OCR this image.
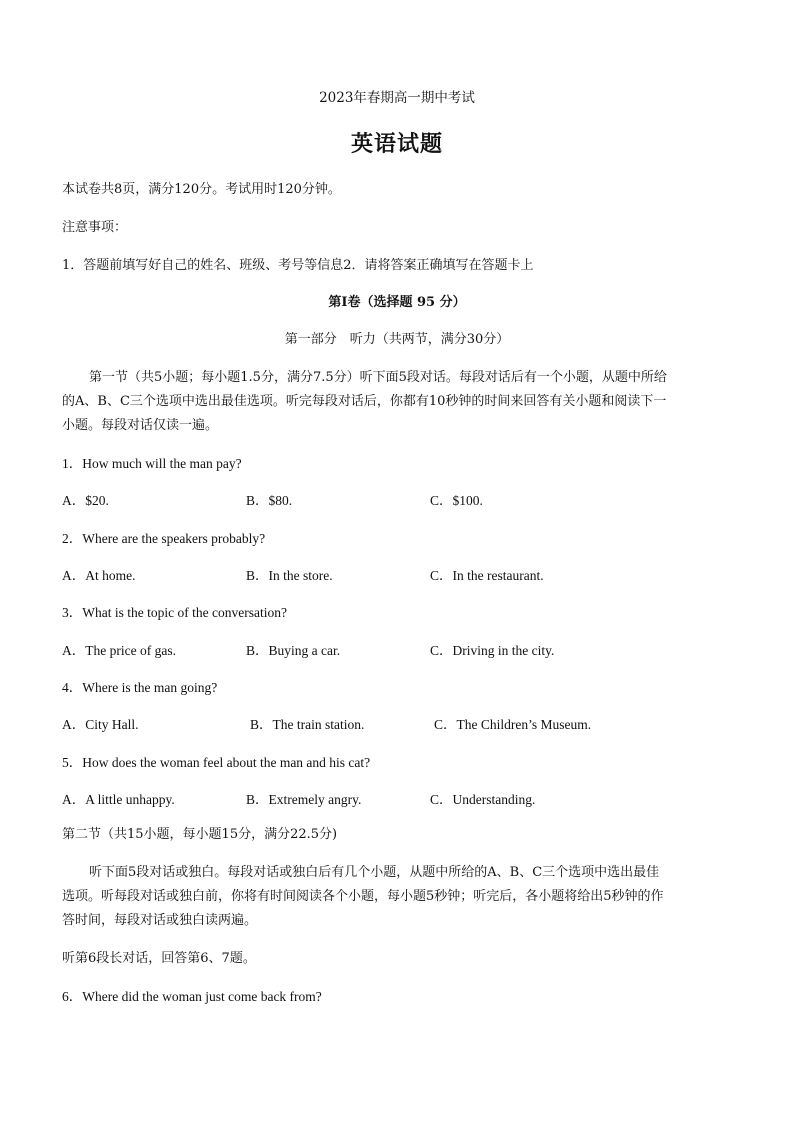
2023年春期高一期中考试
英语试题
本试卷共8页，满分120分。考试用时120分钟。
注意事项：
1．答题前填写好自己的姓名、班级、考号等信息2．请将答案正确填写在答题卡上
第I卷（选择题 95 分）
第一部分　听力（共两节，满分30分）
第一节（共5小题；每小题1.5分，满分7.5分）听下面5段对话。每段对话后有一个小题，从题中所给
的A、B、C三个选项中选出最佳选项。听完每段对话后，你都有10秒钟的时间来回答有关小题和阅读下一
小题。每段对话仅读一遍。
1．How much will the man pay?
A．$20.	B．$80.	C．$100.
2．Where are the speakers probably?
A．At home.	B．In the store.	C．In the restaurant.
3．What is the topic of the conversation?
A．The price of gas.	B．Buying a car.	C．Driving in the city.
4．Where is the man going?
A．City Hall.	B．The train station.	C．The Children’s Museum.
5．How does the woman feel about the man and his cat?
A．A little unhappy.	B．Extremely angry.	C．Understanding.
第二节（共15小题，每小题15分，满分22.5分)
听下面5段对话或独白。每段对话或独白后有几个小题，从题中所给的A、B、C三个选项中选出最佳
选项。听每段对话或独白前，你将有时间阅读各个小题，每小题5秒钟；听完后，各小题将给出5秒钟的作
答时间，每段对话或独白读两遍。
听第6段长对话，回答第6、7题。
6．Where did the woman just come back from?
